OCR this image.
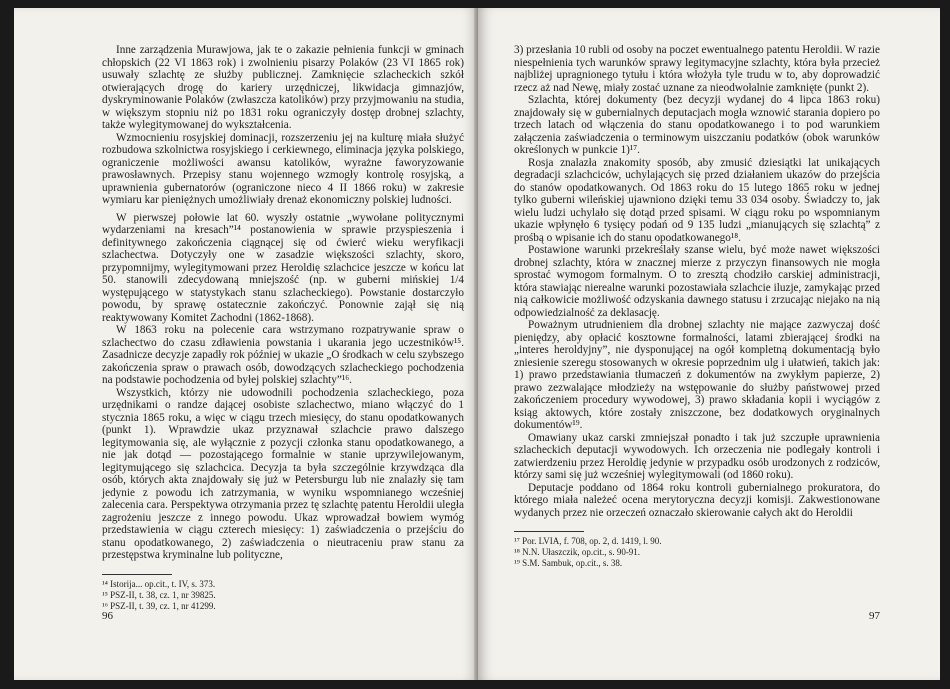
Inne zarządzenia Murawjowa, jak te o zakazie pełnienia funkcji w gminach chłopskich (22 VI 1863 rok) i zwolnieniu pisarzy Polaków (23 VI 1865 rok) usuwały szlachtę ze służby publicznej. Zamknięcie szlacheckich szkół otwierających drogę do kariery urzędniczej, likwidacja gimnazjów, dyskryminowanie Polaków (zwłaszcza katolików) przy przyjmowaniu na studia, w większym stopniu niż po 1831 roku ograniczyły dostęp drobnej szlachty, także wylegitymowanej do wykształcenia.

Wzmocnieniu rosyjskiej dominacji, rozszerzeniu jej na kulturę miała służyć rozbudowa szkolnictwa rosyjskiego i cerkiewnego, eliminacja języka polskiego, ograniczenie możliwości awansu katolików, wyrażne faworyzowanie prawosławnych. Przepisy stanu wojennego wzmogły kontrolę rosyjską, a uprawnienia gubernatorów (ograniczone nieco 4 II 1866 roku) w zakresie wymiaru kar pieniężnych umożliwiały drenaż ekonomiczny polskiej ludności.

W pierwszej połowie lat 60. wyszły ostatnie „wywołane politycznymi wydarzeniami na kresach”¹⁴ postanowienia w sprawie przyspieszenia i definitywnego zakończenia ciągnącej się od ćwierć wieku weryfikacji szlachectwa. Dotyczyły one w zasadzie większości szlachty, skoro, przypomnijmy, wylegitymowani przez Heroldię szlachcice jeszcze w końcu lat 50. stanowili zdecydowaną mniejszość (np. w guberni mińskiej 1/4 występującego w statystykach stanu szlacheckiego). Powstanie dostarczyło powodu, by sprawę ostatecznie zakończyć. Ponownie zajął się nią reaktywowany Komitet Zachodni (1862-1868).

W 1863 roku na polecenie cara wstrzymano rozpatrywanie spraw o szlachectwo do czasu zdławienia powstania i ukarania jego uczestników¹⁵. Zasadnicze decyzje zapadły rok później w ukazie „O środkach w celu szybszego zakończenia spraw o prawach osób, dowodzących szlacheckiego pochodzenia na podstawie pochodzenia od byłej polskiej szlachty”¹⁶.

Wszystkich, którzy nie udowodnili pochodzenia szlacheckiego, poza urzędnikami o randze dającej osobiste szlachectwo, miano włączyć do 1 stycznia 1865 roku, a więc w ciągu trzech miesięcy, do stanu opodatkowanych (punkt 1). Wprawdzie ukaz przyznawał szlachcie prawo dalszego legitymowania się, ale wyłącznie z pozycji członka stanu opodatkowanego, a nie jak dotąd — pozostającego formalnie w stanie uprzywilejowanym, legitymującego się szlachcica. Decyzja ta była szczególnie krzywdząca dla osób, których akta znajdowały się już w Petersburgu lub nie znalazły się tam jedynie z powodu ich zatrzymania, w wyniku wspomnianego wcześniej zalecenia cara. Perspektywa otrzymania przez tę szlachtę patentu Heroldii uległa zagrożeniu jeszcze z innego powodu. Ukaz wprowadzał bowiem wymóg przedstawienia w ciągu czterech miesięcy: 1) zaświadczenia o przejściu do stanu opodatkowanego, 2) zaświadczenia o nieutraceniu praw stanu za przestępstwa kryminalne lub polityczne,

¹⁴ Istorija... op.cit., t. IV, s. 373.

¹⁵ PSZ-II, t. 38, cz. 1, nr 39825.

¹⁶ PSZ-II, t. 39, cz. 1, nr 41299.

96

3) przesłania 10 rubli od osoby na poczet ewentualnego patentu Heroldii. W razie niespełnienia tych warunków sprawy legitymacyjne szlachty, która była przecież najbliżej upragnionego tytułu i która włożyła tyle trudu w to, aby doprowadzić rzecz aż nad Newę, miały zostać uznane za nieodwołalnie zamknięte (punkt 2).

Szlachta, której dokumenty (bez decyzji wydanej do 4 lipca 1863 roku) znajdowały się w gubernialnych deputacjach mogła wznowić starania dopiero po trzech latach od włączenia do stanu opodatkowanego i to pod warunkiem załączenia zaświadczenia o terminowym uiszczaniu podatków (obok warunków określonych w punkcie 1)¹⁷.

Rosja znalazła znakomity sposób, aby zmusić dziesiątki lat unikających degradacji szlachciców, uchylających się przed działaniem ukazów do przejścia do stanów opodatkowanych. Od 1863 roku do 15 lutego 1865 roku w jednej tylko guberni wileńskiej ujawniono dzięki temu 33 034 osoby. Świadczy to, jak wielu ludzi uchylało się dotąd przed spisami. W ciągu roku po wspomnianym ukazie wpłynęło 6 tysięcy podań od 9 135 ludzi „mianujących się szlachtą” z prośbą o wpisanie ich do stanu opodatkowanego¹⁸.

Postawione warunki przekreślały szanse wielu, być może nawet większości drobnej szlachty, która w znacznej mierze z przyczyn finansowych nie mogła sprostać wymogom formalnym. O to zresztą chodziło carskiej administracji, która stawiając nierealne warunki pozostawiała szlachcie iluzje, zamykając przed nią całkowicie możliwość odzyskania dawnego statusu i zrzucając niejako na nią odpowiedzialność za deklasację.

Poważnym utrudnieniem dla drobnej szlachty nie mające zazwyczaj dość pieniędzy, aby opłacić kosztowne formalności, latami zbierającej środki na „interes heroldyjny”, nie dysponującej na ogół kompletną dokumentacją było zniesienie szeregu stosowanych w okresie poprzednim ulg i ułatwień, takich jak: 1) prawo przedstawiania tłumaczeń z dokumentów na zwykłym papierze, 2) prawo zezwalające młodzieży na wstępowanie do służby państwowej przed zakończeniem procedury wywodowej, 3) prawo składania kopii i wyciągów z ksiąg aktowych, które zostały zniszczone, bez dodatkowych oryginalnych dokumentów¹⁹.

Omawiany ukaz carski zmniejszał ponadto i tak już szczupłe uprawnienia szlacheckich deputacji wywodowych. Ich orzeczenia nie podlegały kontroli i zatwierdzeniu przez Heroldię jedynie w przypadku osób urodzonych z rodziców, którzy sami się już wcześniej wylegitymowali (od 1860 roku).

Deputacje poddano od 1864 roku kontroli gubernialnego prokuratora, do którego miała należeć ocena merytoryczna decyzji komisji. Zakwestionowane wydanych przez nie orzeczeń oznaczało skierowanie całych akt do Heroldii

¹⁷ Por. LVIA, f. 708, op. 2, d. 1419, l. 90.

¹⁸ N.N. Ułaszczik, op.cit., s. 90-91.

¹⁹ S.M. Sambuk, op.cit., s. 38.

97
